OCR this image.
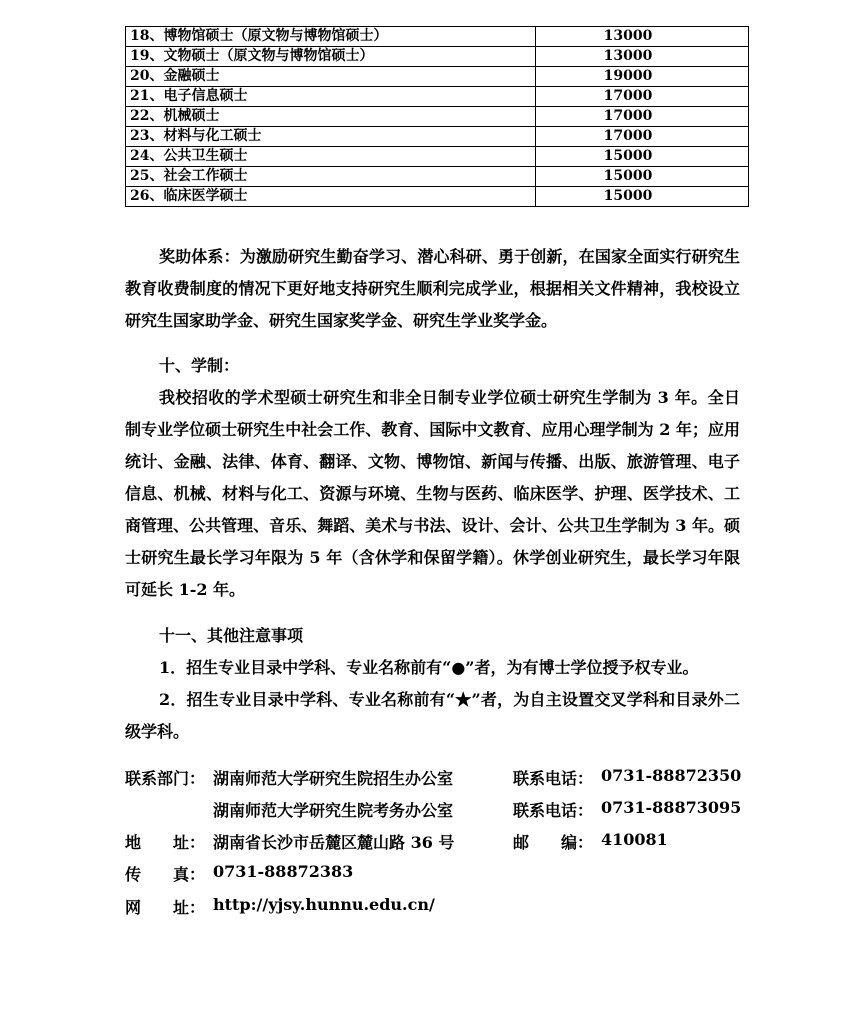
18、博物馆硕士（原文物与博物馆硕士）	13000
19、文物硕士（原文物与博物馆硕士）	13000
20、金融硕士	19000
21、电子信息硕士	17000
22、机械硕士	17000
23、材料与化工硕士	17000
24、公共卫生硕士	15000
25、社会工作硕士	15000
26、临床医学硕士	15000

奖助体系：为激励研究生勤奋学习、潜心科研、勇于创新，在国家全面实行研究生教育收费制度的情况下更好地支持研究生顺利完成学业，根据相关文件精神，我校设立研究生国家助学金、研究生国家奖学金、研究生学业奖学金。

十、学制：

我校招收的学术型硕士研究生和非全日制专业学位硕士研究生学制为 3 年。全日制专业学位硕士研究生中社会工作、教育、国际中文教育、应用心理学制为 2 年；应用统计、金融、法律、体育、翻译、文物、博物馆、新闻与传播、出版、旅游管理、电子信息、机械、材料与化工、资源与环境、生物与医药、临床医学、护理、医学技术、工商管理、公共管理、音乐、舞蹈、美术与书法、设计、会计、公共卫生学制为 3 年。硕士研究生最长学习年限为 5 年（含休学和保留学籍）。休学创业研究生，最长学习年限可延长 1-2 年。

十一、其他注意事项

1．招生专业目录中学科、专业名称前有“●”者，为有博士学位授予权专业。

2．招生专业目录中学科、专业名称前有“★”者，为自主设置交叉学科和目录外二级学科。

联系部门： 湖南师范大学研究生院招生办公室	联系电话： 0731-88872350
湖南师范大学研究生院考务办公室	联系电话： 0731-88873095
地　　址： 湖南省长沙市岳麓区麓山路 36 号	邮　　编： 410081
传　　真： 0731-88872383
网　　址： http://yjsy.hunnu.edu.cn/
